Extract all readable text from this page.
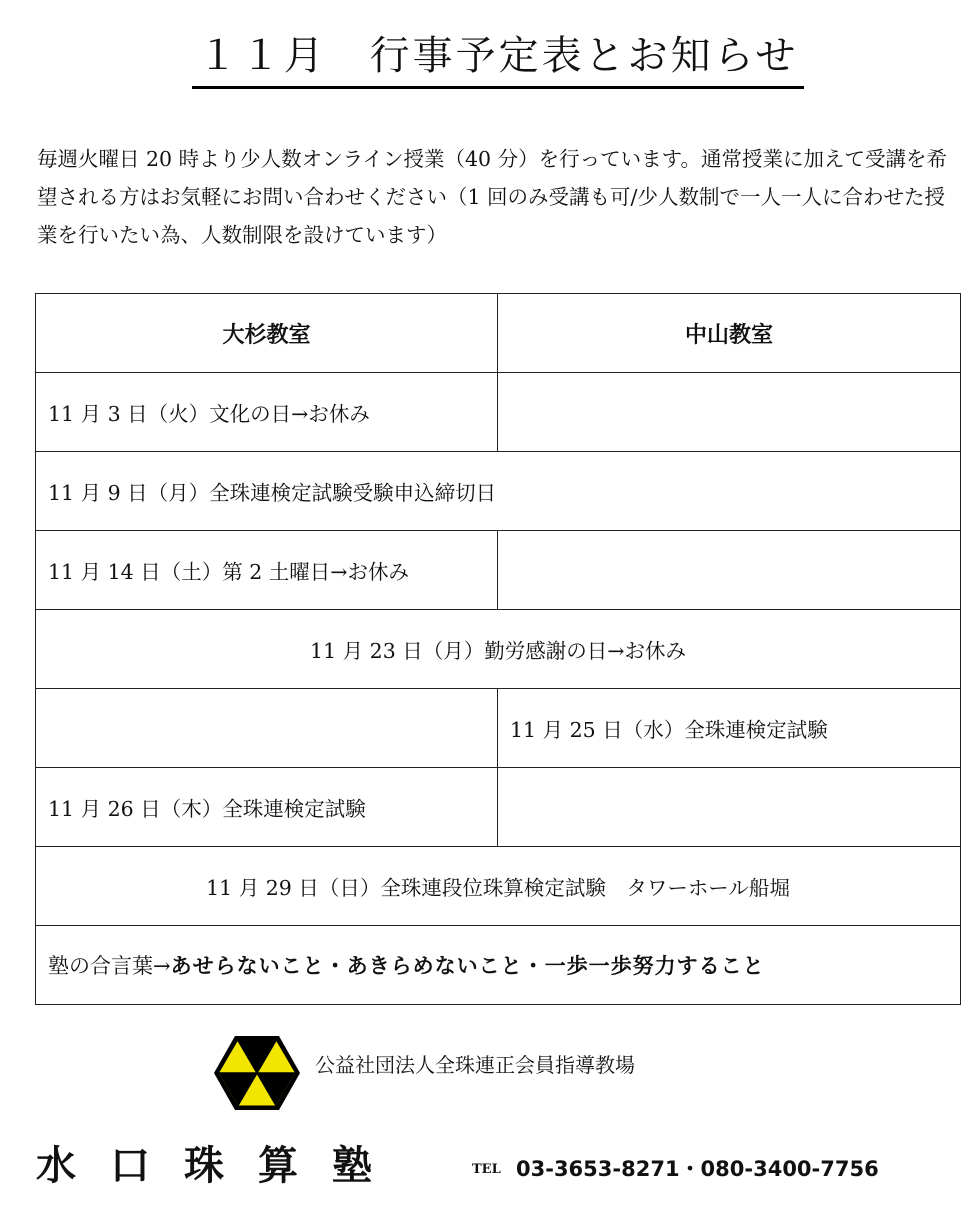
１１月　行事予定表とお知らせ
毎週火曜日 20 時より少人数オンライン授業（40 分）を行っています。通常授業に加えて受講を希望される方はお気軽にお問い合わせください（1 回のみ受講も可/少人数制で一人一人に合わせた授業を行いたい為、人数制限を設けています）
大杉教室	中山教室
11 月 3 日（火）文化の日→お休み	
11 月 9 日（月）全珠連検定試験受験申込締切日	
11 月 14 日（土）第 2 土曜日→お休み	
11 月 23 日（月）勤労感謝の日→お休み	
	11 月 25 日（水）全珠連検定試験
11 月 26 日（木）全珠連検定試験	
11 月 29 日（日）全珠連段位珠算検定試験　タワーホール船堀	
塾の合言葉→あせらないこと・あきらめないこと・一歩一歩努力すること	
公益社団法人全珠連正会員指導教場
水口珠算塾	TEL 03-3653-8271・080-3400-7756
